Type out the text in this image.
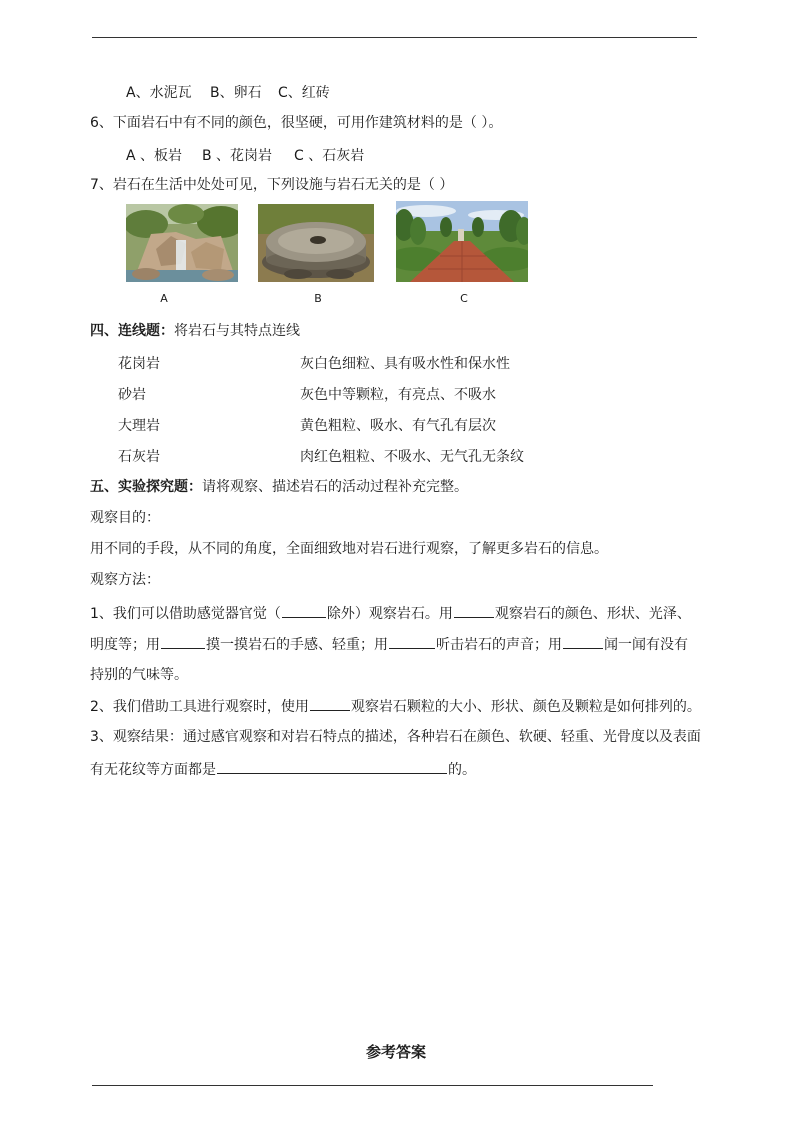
A、水泥瓦 B、卵石 C、红砖
6、下面岩石中有不同的颜色，很坚硬，可用作建筑材料的是（ ）。
A 、板岩 B 、花岗岩 C 、石灰岩
7、岩石在生活中处处可见，下列设施与岩石无关的是（ ）
A	B	C
四、连线题：将岩石与其特点连线
花岗岩	灰白色细粒、具有吸水性和保水性
砂岩	灰色中等颗粒，有亮点、不吸水
大理岩	黄色粗粒、吸水、有气孔有层次
石灰岩	肉红色粗粒、不吸水、无气孔无条纹
五、实验探究题：请将观察、描述岩石的活动过程补充完整。
观察目的：
用不同的手段，从不同的角度，全面细致地对岩石进行观察，了解更多岩石的信息。
观察方法：
1、我们可以借助感觉器官觉（	除外）观察岩石。用	观察岩石的颜色、形状、光泽、
明度等；用	摸一摸岩石的手感、轻重；用	听击岩石的声音；用	闻一闻有没有
持别的气味等。
2、我们借助工具进行观察时，使用	观察岩石颗粒的大小、形状、颜色及颗粒是如何排列的。
3、观察结果：通过感官观察和对岩石特点的描述，各种岩石在颜色、软硬、轻重、光骨度以及表面
有无花纹等方面都是	的。
参考答案
